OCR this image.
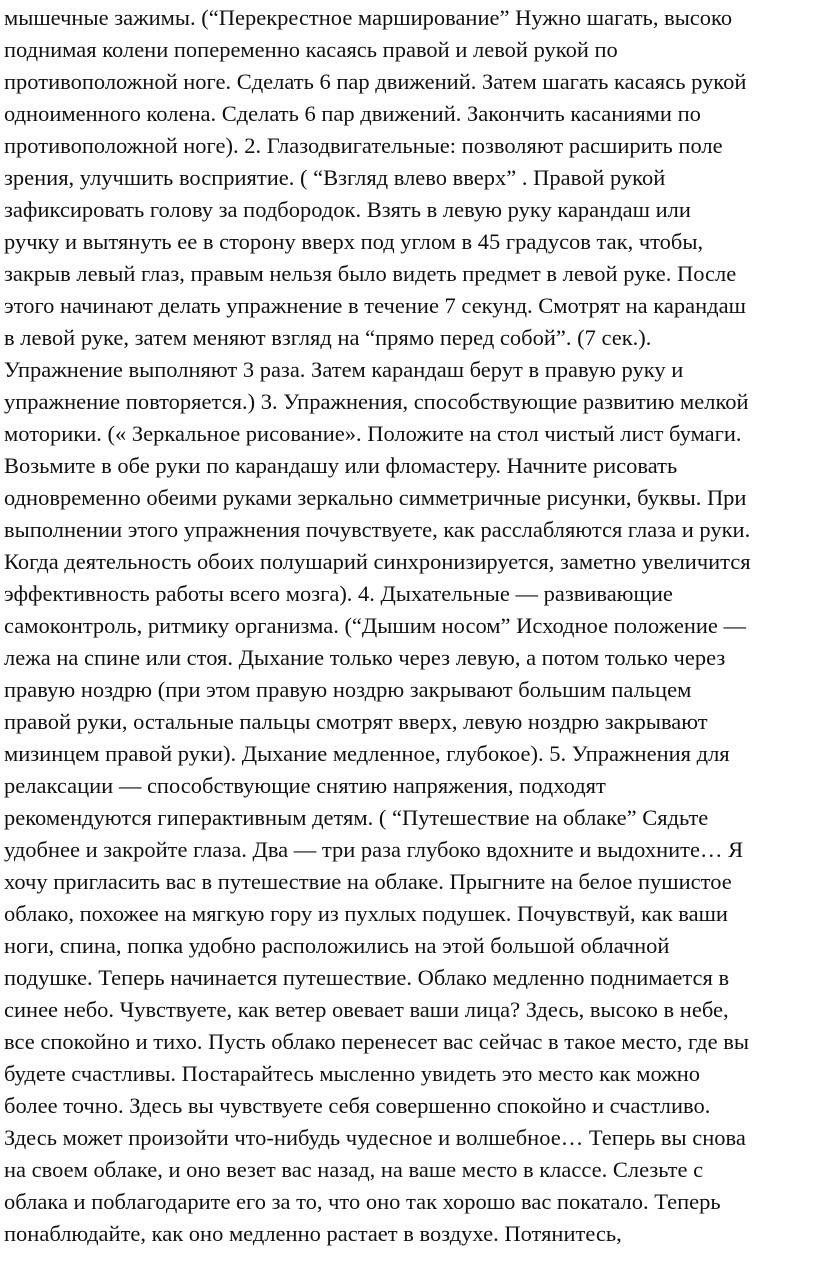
мышечные зажимы. (“Перекрестное марширование” Нужно шагать, высоко

поднимая колени попеременно касаясь правой и левой рукой по

противоположной ноге. Сделать 6 пар движений. Затем шагать касаясь рукой

одноименного колена. Сделать 6 пар движений. Закончить касаниями по

противоположной ноге). 2. Глазодвигательные: позволяют расширить поле

зрения, улучшить восприятие. ( “Взгляд влево вверх” . Правой рукой

зафиксировать голову за подбородок. Взять в левую руку карандаш или

ручку и вытянуть ее в сторону вверх под углом в 45 градусов так, чтобы,

закрыв левый глаз, правым нельзя было видеть предмет в левой руке. После

этого начинают делать упражнение в течение 7 секунд. Смотрят на карандаш

в левой руке, затем меняют взгляд на “прямо перед собой”. (7 сек.).

Упражнение выполняют 3 раза. Затем карандаш берут в правую руку и

упражнение повторяется.) 3. Упражнения, способствующие развитию мелкой

моторики. (« Зеркальное рисование». Положите на стол чистый лист бумаги.

Возьмите в обе руки по карандашу или фломастеру. Начните рисовать

одновременно обеими руками зеркально симметричные рисунки, буквы. При

выполнении этого упражнения почувствуете, как расслабляются глаза и руки.

Когда деятельность обоих полушарий синхронизируется, заметно увеличится

эффективность работы всего мозга). 4. Дыхательные — развивающие

самоконтроль, ритмику организма. (“Дышим носом” Исходное положение —

лежа на спине или стоя. Дыхание только через левую, а потом только через

правую ноздрю (при этом правую ноздрю закрывают большим пальцем

правой руки, остальные пальцы смотрят вверх, левую ноздрю закрывают

мизинцем правой руки). Дыхание медленное, глубокое). 5. Упражнения для

релаксации — способствующие снятию напряжения, подходят

рекомендуются гиперактивным детям. ( “Путешествие на облаке” Сядьте

удобнее и закройте глаза. Два — три раза глубоко вдохните и выдохните… Я

хочу пригласить вас в путешествие на облаке. Прыгните на белое пушистое

облако, похожее на мягкую гору из пухлых подушек. Почувствуй, как ваши

ноги, спина, попка удобно расположились на этой большой облачной

подушке. Теперь начинается путешествие. Облако медленно поднимается в

синее небо. Чувствуете, как ветер овевает ваши лица? Здесь, высоко в небе,

все спокойно и тихо. Пусть облако перенесет вас сейчас в такое место, где вы

будете счастливы. Постарайтесь мысленно увидеть это место как можно

более точно. Здесь вы чувствуете себя совершенно спокойно и счастливо.

Здесь может произойти что-нибудь чудесное и волшебное… Теперь вы снова

на своем облаке, и оно везет вас назад, на ваше место в классе. Слезьте с

облака и поблагодарите его за то, что оно так хорошо вас покатало. Теперь

понаблюдайте, как оно медленно растает в воздухе. Потянитесь,
